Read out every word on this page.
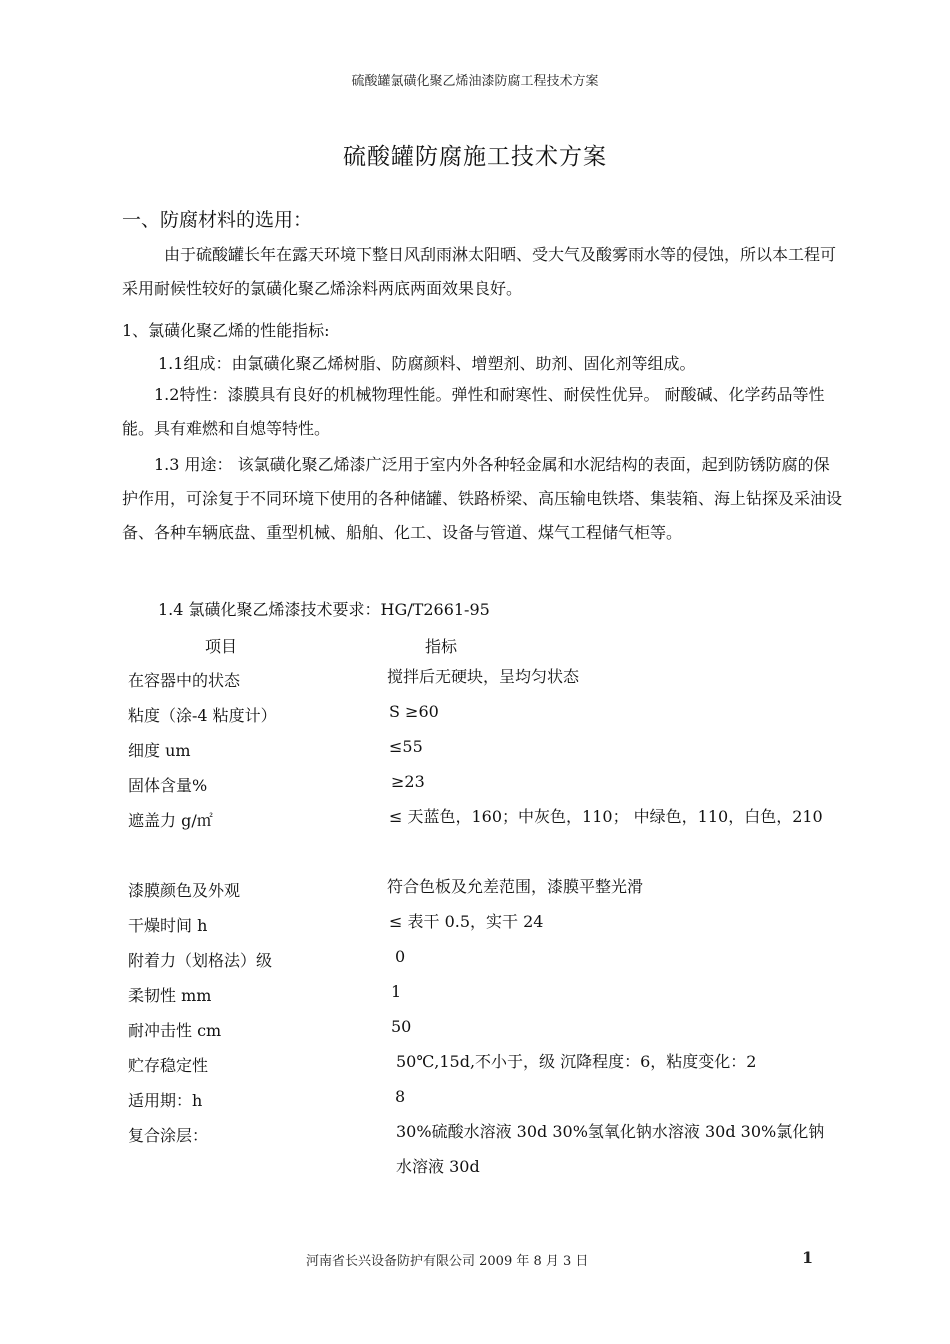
硫酸罐氯磺化聚乙烯油漆防腐工程技术方案
硫酸罐防腐施工技术方案
一、防腐材料的选用：
由于硫酸罐长年在露天环境下整日风刮雨淋太阳晒、受大气及酸雾雨水等的侵蚀，所以本工程可采用耐候性较好的氯磺化聚乙烯涂料两底两面效果良好。
1、氯磺化聚乙烯的性能指标:
1.1组成：由氯磺化聚乙烯树脂、防腐颜料、增塑剂、助剂、固化剂等组成。
1.2特性：漆膜具有良好的机械物理性能。弹性和耐寒性、耐侯性优异。 耐酸碱、化学药品等性能。具有难燃和自熄等特性。
1.3 用途： 该氯磺化聚乙烯漆广泛用于室内外各种轻金属和水泥结构的表面，起到防锈防腐的保护作用，可涂复于不同环境下使用的各种储罐、铁路桥梁、高压输电铁塔、集装箱、海上钻探及采油设备、各种车辆底盘、重型机械、船舶、化工、设备与管道、煤气工程储气柜等。
1.4 氯磺化聚乙烯漆技术要求：HG/T2661-95
项目	指标
在容器中的状态	搅拌后无硬块，呈均匀状态
粘度（涂-4 粘度计）	S ≥60
细度 um	≤55
固体含量%	≥23
遮盖力 g/㎡	≤ 天蓝色，160；中灰色，110； 中绿色，110，白色，210
漆膜颜色及外观	符合色板及允差范围，漆膜平整光滑
干燥时间 h	≤ 表干 0.5，实干 24
附着力（划格法）级	0
柔韧性 mm	1
耐冲击性 cm	50
贮存稳定性	50℃,15d,不小于，级 沉降程度：6，粘度变化：2
适用期：h	8
复合涂层：	30%硫酸水溶液 30d 30%氢氧化钠水溶液 30d 30%氯化钠水溶液 30d
河南省长兴设备防护有限公司 2009 年 8 月 3 日	1
